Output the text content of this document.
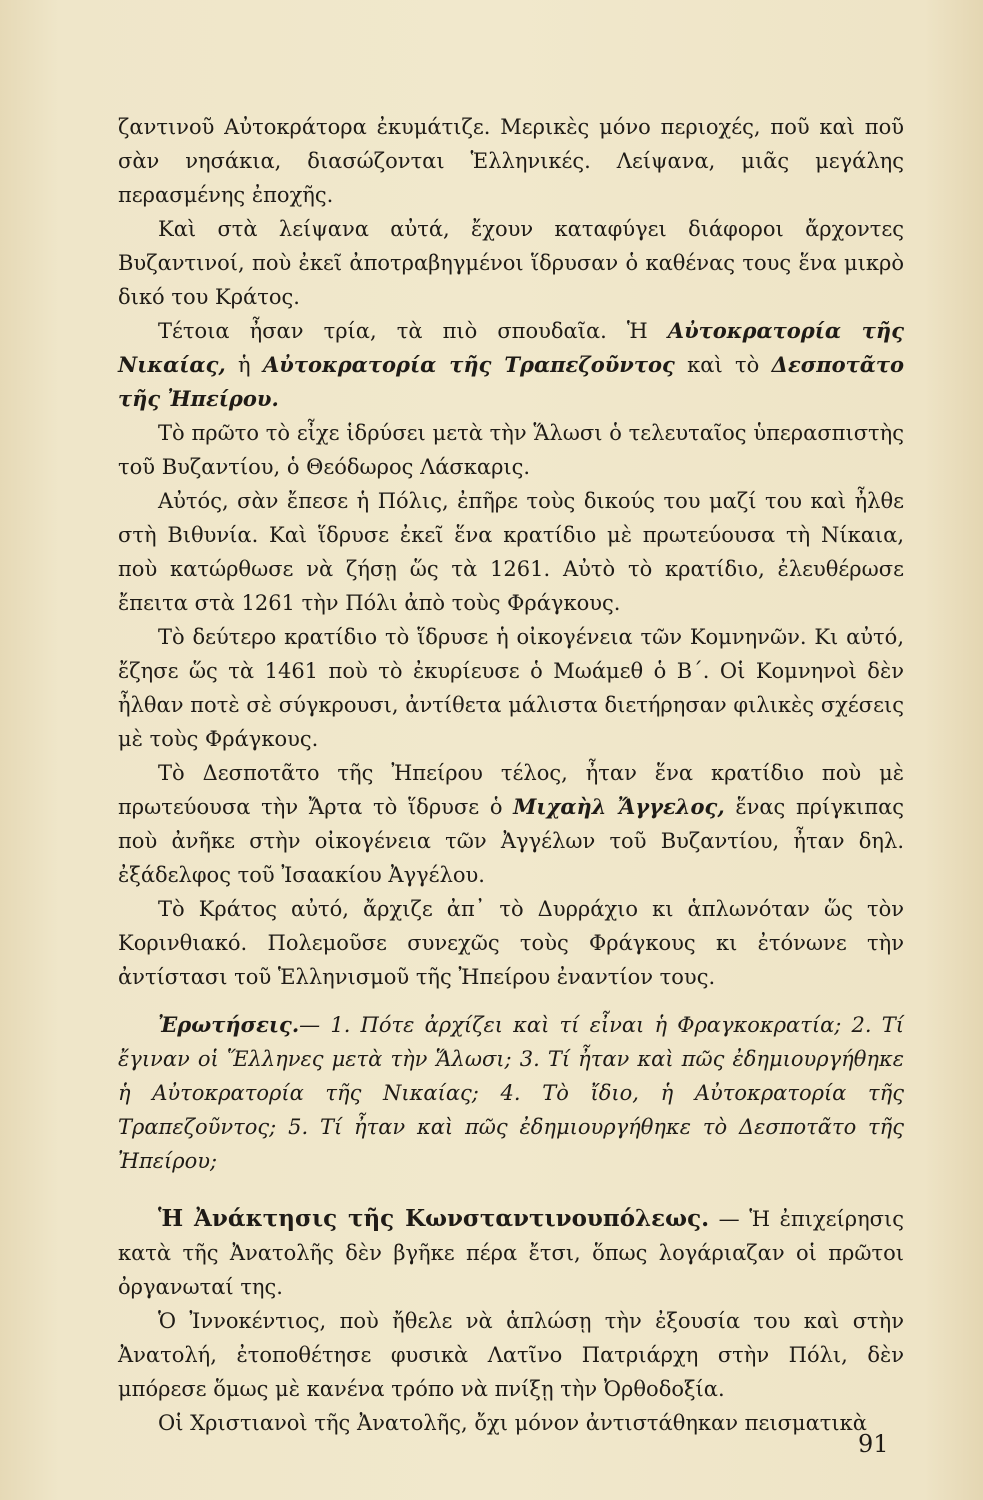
ζαντινοῦ Αὐτοκράτορα ἐκυμάτιζε. Μερικὲς μόνο περιοχές, ποῦ καὶ ποῦ σὰν νησάκια, διασώζονται Ἑλληνικές. Λείψανα, μιᾶς μεγάλης περασμένης ἐποχῆς.

Καὶ στὰ λείψανα αὐτά, ἔχουν καταφύγει διάφοροι ἄρχοντες Βυζαντινοί, ποὺ ἐκεῖ ἀποτραβηγμένοι ἵδρυσαν ὁ καθένας τους ἕνα μικρὸ δικό του Κράτος.

Τέτοια ἦσαν τρία, τὰ πιὸ σπουδαῖα. Ἡ Αὐτοκρατορία τῆς Νικαίας, ἡ Αὐτοκρατορία τῆς Τραπεζοῦντος καὶ τὸ Δεσποτᾶτο τῆς Ἠπείρου.

Τὸ πρῶτο τὸ εἶχε ἱδρύσει μετὰ τὴν Ἅλωσι ὁ τελευταῖος ὑπερασπιστὴς τοῦ Βυζαντίου, ὁ Θεόδωρος Λάσκαρις.

Αὐτός, σὰν ἔπεσε ἡ Πόλις, ἐπῆρε τοὺς δικούς του μαζί του καὶ ἦλθε στὴ Βιθυνία. Καὶ ἵδρυσε ἐκεῖ ἕνα κρατίδιο μὲ πρωτεύουσα τὴ Νίκαια, ποὺ κατώρθωσε νὰ ζήσῃ ὥς τὰ 1261. Αὐτὸ τὸ κρατίδιο, ἐλευθέρωσε ἔπειτα στὰ 1261 τὴν Πόλι ἀπὸ τοὺς Φράγκους.

Τὸ δεύτερο κρατίδιο τὸ ἵδρυσε ἡ οἰκογένεια τῶν Κομνηνῶν. Κι αὐτό, ἔζησε ὥς τὰ 1461 ποὺ τὸ ἐκυρίευσε ὁ Μωάμεθ ὁ Β΄. Οἱ Κομνηνοὶ δὲν ἦλθαν ποτὲ σὲ σύγκρουσι, ἀντίθετα μάλιστα διετήρησαν φιλικὲς σχέσεις μὲ τοὺς Φράγκους.

Τὸ Δεσποτᾶτο τῆς Ἠπείρου τέλος, ἦταν ἕνα κρατίδιο ποὺ μὲ πρωτεύουσα τὴν Ἄρτα τὸ ἵδρυσε ὁ Μιχαὴλ Ἄγγελος, ἕνας πρίγκιπας ποὺ ἀνῆκε στὴν οἰκογένεια τῶν Ἀγγέλων τοῦ Βυζαντίου, ἦταν δηλ. ἐξάδελφος τοῦ Ἰσαακίου Ἀγγέλου.

Τὸ Κράτος αὐτό, ἄρχιζε ἀπ᾿ τὸ Δυρράχιο κι ἁπλωνόταν ὥς τὸν Κορινθιακό. Πολεμοῦσε συνεχῶς τοὺς Φράγκους κι ἐτόνωνε τὴν ἀντίστασι τοῦ Ἑλληνισμοῦ τῆς Ἠπείρου ἐναντίον τους.

Ἐρωτήσεις.— 1. Πότε ἀρχίζει καὶ τί εἶναι ἡ Φραγκοκρατία; 2. Τί ἔγιναν οἱ Ἕλληνες μετὰ τὴν Ἅλωσι; 3. Τί ἦταν καὶ πῶς ἐδημιουργήθηκε ἡ Αὐτοκρατορία τῆς Νικαίας; 4. Τὸ ἴδιο, ἡ Αὐτοκρατορία τῆς Τραπεζοῦντος; 5. Τί ἦταν καὶ πῶς ἐδημιουργήθηκε τὸ Δεσποτᾶτο τῆς Ἠπείρου;

Ἡ Ἀνάκτησις τῆς Κωνσταντινουπόλεως. — Ἡ ἐπιχείρησις κατὰ τῆς Ἀνατολῆς δὲν βγῆκε πέρα ἔτσι, ὅπως λογάριαζαν οἱ πρῶτοι ὀργανωταί της.

Ὁ Ἰννοκέντιος, ποὺ ἤθελε νὰ ἁπλώσῃ τὴν ἐξουσία του καὶ στὴν Ἀνατολή, ἐτοποθέτησε φυσικὰ Λατῖνο Πατριάρχη στὴν Πόλι, δὲν μπόρεσε ὅμως μὲ κανένα τρόπο νὰ πνίξῃ τὴν Ὀρθοδοξία.

Οἱ Χριστιανοὶ τῆς Ἀνατολῆς, ὄχι μόνον ἀντιστάθηκαν πεισματικὰ

91
